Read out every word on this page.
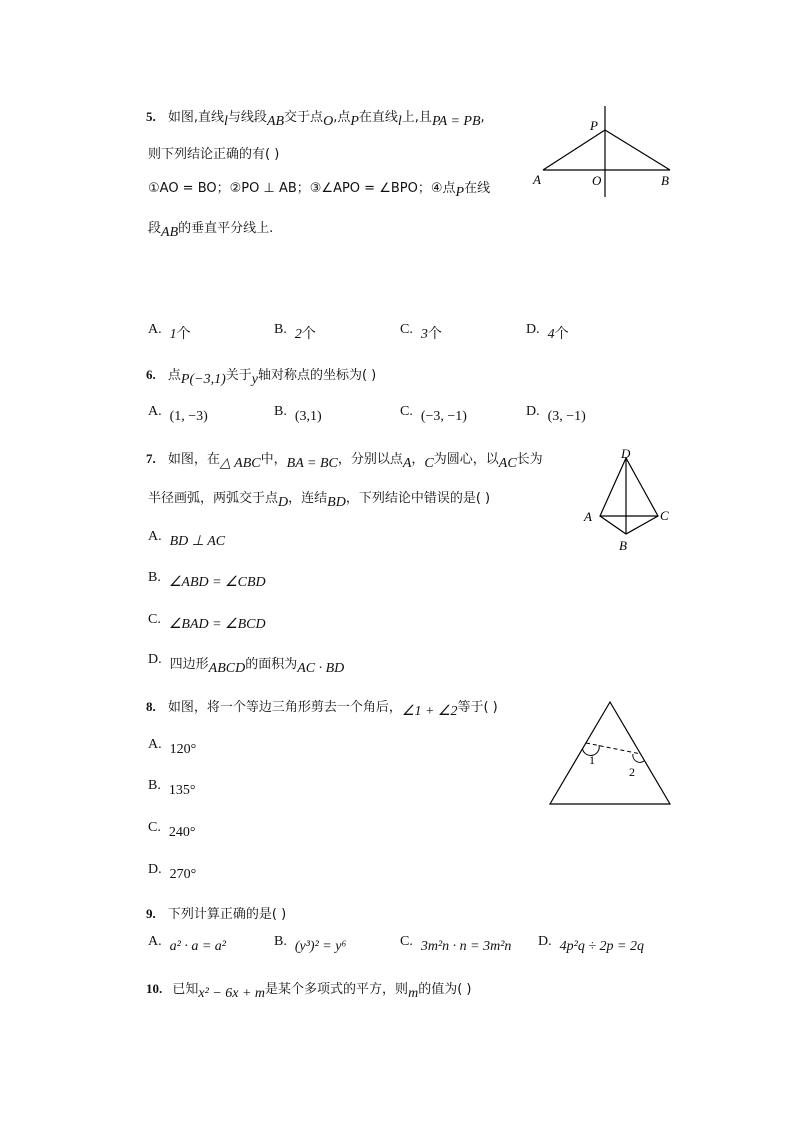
5. 如图,直线l与线段AB交于点O,点P在直线l上,且PA = PB,
则下列结论正确的有( )
①AO = BO；②PO ⊥ AB；③∠APO = ∠BPO；④点P在线
段AB的垂直平分线上.
P
A	O	B
A. 1个	B. 2个	C. 3个	D. 4个
6. 点P(−3,1)关于y轴对称点的坐标为( )
A. (1, −3)	B. (3,1)	C. (−3, −1)	D. (3, −1)
7. 如图，在△ ABC中，BA = BC，分别以点A，C为圆心，以AC长为
半径画弧，两弧交于点D，连结BD，下列结论中错误的是( )
D
A	C
B
A. BD ⊥ AC
B. ∠ABD = ∠CBD
C. ∠BAD = ∠BCD
D. 四边形ABCD的面积为AC · BD
8. 如图，将一个等边三角形剪去一个角后，∠1 + ∠2等于( )
1
2
A. 120°
B. 135°
C. 240°
D. 270°
9. 下列计算正确的是( )
A. a² · a = a²	B. (y³)² = y⁶	C. 3m²n · n = 3m²n D. 4p²q ÷ 2p = 2q
10. 已知x² − 6x + m是某个多项式的平方，则m的值为( )
